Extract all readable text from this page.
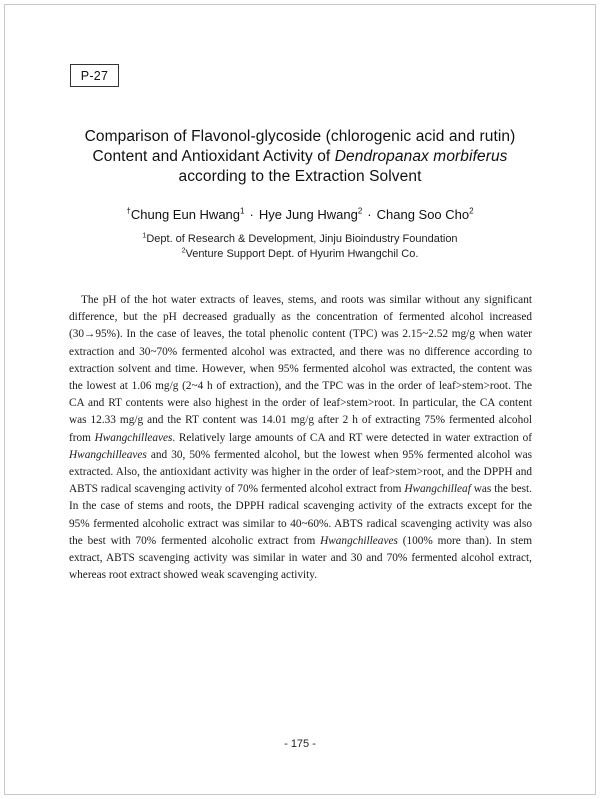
P-27
Comparison of Flavonol-glycoside (chlorogenic acid and rutin)
Content and Antioxidant Activity of Dendropanax morbiferus
according to the Extraction Solvent
†Chung Eun Hwang$^1$ · Hye Jung Hwang$^2$ · Chang Soo Cho$^2$
$^1$Dept. of Research & Development, Jinju Bioindustry Foundation
$^2$Venture Support Dept. of Hyurim Hwangchil Co.

The pH of the hot water extracts of leaves, stems, and roots was similar without any significant difference, but the pH decreased gradually as the concentration of fermented alcohol increased (30→95%). In the case of leaves, the total phenolic content (TPC) was 2.15~2.52 mg/g when water extraction and 30~70% fermented alcohol was extracted, and there was no difference according to extraction solvent and time. However, when 95% fermented alcohol was extracted, the content was the lowest at 1.06 mg/g (2~4 h of extraction), and the TPC was in the order of leaf>stem>root. The CA and RT contents were also highest in the order of leaf>stem>root. In particular, the CA content was 12.33 mg/g and the RT content was 14.01 mg/g after 2 h of extracting 75% fermented alcohol from Hwangchilleaves. Relatively large amounts of CA and RT were detected in water extraction of Hwangchilleaves and 30, 50% fermented alcohol, but the lowest when 95% fermented alcohol was extracted. Also, the antioxidant activity was higher in the order of leaf>stem>root, and the DPPH and ABTS radical scavenging activity of 70% fermented alcohol extract from Hwangchilleaf was the best. In the case of stems and roots, the DPPH radical scavenging activity of the extracts except for the 95% fermented alcoholic extract was similar to 40~60%. ABTS radical scavenging activity was also the best with 70% fermented alcoholic extract from Hwangchilleaves (100% more than). In stem extract, ABTS scavenging activity was similar in water and 30 and 70% fermented alcohol extract, whereas root extract showed weak scavenging activity.

- 175 -
